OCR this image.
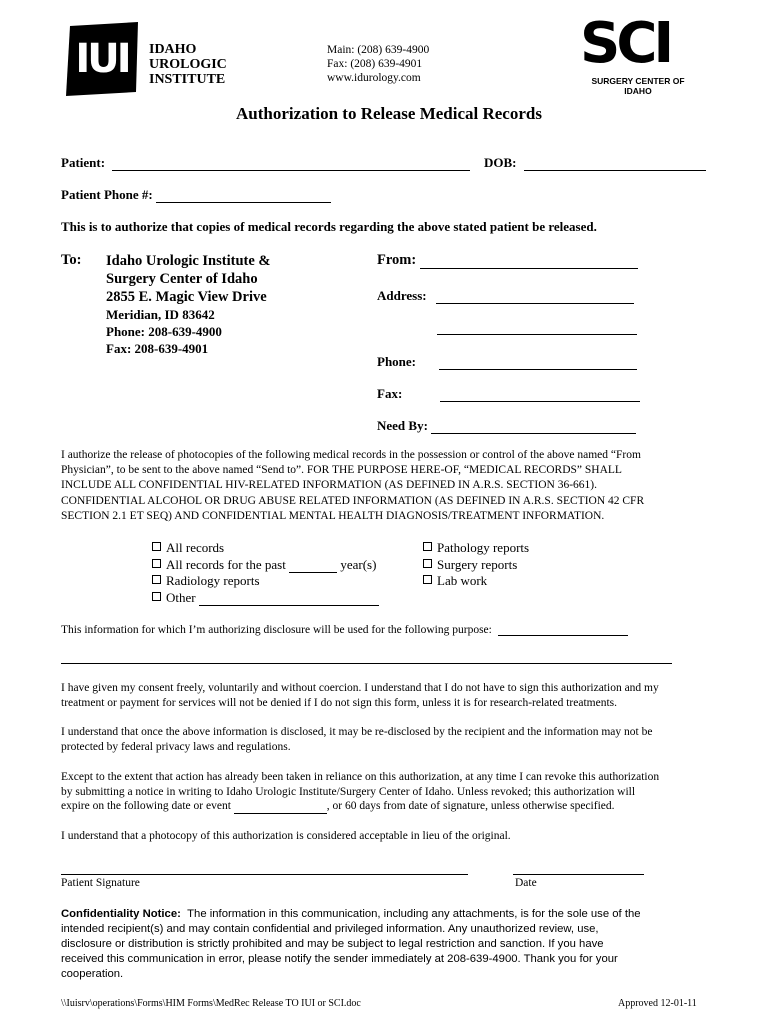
IUI	IDAHO
UROLOGIC
INSTITUTE
Main: (208) 639-4900
Fax: (208) 639-4901
www.idurology.com
SCI
SURGERY CENTER OF IDAHO
Authorization to Release Medical Records
Patient:	DOB:
Patient Phone #:
This is to authorize that copies of medical records regarding the above stated patient be released.
To: Idaho Urologic Institute &
Surgery Center of Idaho
2855 E. Magic View Drive
Meridian, ID 83642
Phone: 208-639-4900
Fax: 208-639-4901
From:
Address:
Phone:
Fax:
Need By:
I authorize the release of photocopies of the following medical records in the possession or control of the above named “From
Physician”, to be sent to the above named “Send to”. FOR THE PURPOSE HERE-OF, “MEDICAL RECORDS” SHALL
INCLUDE ALL CONFIDENTIAL HIV-RELATED INFORMATION (AS DEFINED IN A.R.S. SECTION 36-661).
CONFIDENTIAL ALCOHOL OR DRUG ABUSE RELATED INFORMATION (AS DEFINED IN A.R.S. SECTION 42 CFR
SECTION 2.1 ET SEQ) AND CONFIDENTIAL MENTAL HEALTH DIAGNOSIS/TREATMENT INFORMATION.
All records
All records for the past	year(s)
Radiology reports
Other
Pathology reports
Surgery reports
Lab work
This information for which I’m authorizing disclosure will be used for the following purpose:
I have given my consent freely, voluntarily and without coercion. I understand that I do not have to sign this authorization and my
treatment or payment for services will not be denied if I do not sign this form, unless it is for research-related treatments.
I understand that once the above information is disclosed, it may be re-disclosed by the recipient and the information may not be
protected by federal privacy laws and regulations.
Except to the extent that action has already been taken in reliance on this authorization, at any time I can revoke this authorization
by submitting a notice in writing to Idaho Urologic Institute/Surgery Center of Idaho. Unless revoked; this authorization will
expire on the following date or event	, or 60 days from date of signature, unless otherwise specified.
I understand that a photocopy of this authorization is considered acceptable in lieu of the original.
Patient Signature	Date
Confidentiality Notice: The information in this communication, including any attachments, is for the sole use of the
intended recipient(s) and may contain confidential and privileged information. Any unauthorized review, use,
disclosure or distribution is strictly prohibited and may be subject to legal restriction and sanction. If you have
received this communication in error, please notify the sender immediately at 208-639-4900. Thank you for your
cooperation.
\\Iuisrv\operations\Forms\HIM Forms\MedRec Release TO IUI or SCI.doc	Approved 12-01-11
